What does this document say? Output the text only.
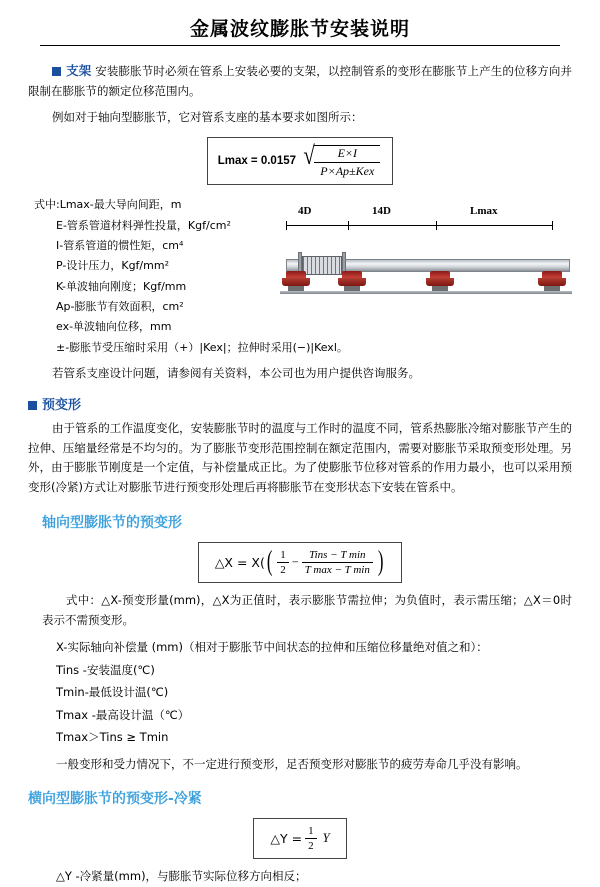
金属波纹膨胀节安装说明

支架 安装膨胀节时必须在管系上安装必要的支架，以控制管系的变形在膨胀节上产生的位移方向并限制在膨胀节的额定位移范围内。

例如对于轴向型膨胀节，它对管系支座的基本要求如图所示：

Lmax = 0.0157 √ $\frac{E\times I}{\text{P×Ap±Kex}}$
式中:Lmax-最大导向间距，m
E-管系管道材料弹性投量，Kgf/cm²
I-管系管道的惯性矩，cm⁴
P-设计压力，Kgf/mm²
K-单波轴向刚度；Kgf/mm
Ap-膨胀节有效面积，cm²
ex-单波轴向位移，mm
±-膨胀节受压缩时采用（+）|Kex|；拉伸时采用(−)|Kexl。
4D	14D	Lmax

若管系支座设计问题，请参阅有关资料，本公司也为用户提供咨询服务。

预变形

由于管系的工作温度变化，安装膨胀节时的温度与工作时的温度不同，管系热膨胀冷缩对膨胀节产生的拉伸、压缩量经常是不均匀的。为了膨胀节变形范围控制在额定范围内，需要对膨胀节采取预变形处理。另外，由于膨胀节刚度是一个定值，与补偿量成正比。为了使膨胀节位移对管系的作用力最小，也可以采用预变形(冷紧)方式让对膨胀节进行预变形处理后再将膨胀节在变形状态下安装在管系中。

轴向型膨胀节的预变形
△X = X( ( $\frac{1}{2} - \frac{\text{Tins − T min}}{\text{T max − T min}}$ )

式中：△X-预变形量(mm)，△X为正值时，表示膨胀节需拉伸；为负值时，表示需压缩；△X＝0时表示不需预变形。

X-实际轴向补偿量 (mm)（相对于膨胀节中间状态的拉伸和压缩位移量绝对值之和）：
Tins -安装温度(℃)
Tmin-最低设计温(℃)
Tmax -最高设计温（℃）
Tmax＞Tins ≥ Tmin

一般变形和受力情况下，不一定进行预变形，足否预变形对膨胀节的疲劳寿命几乎没有影响。

横向型膨胀节的预变形-冷紧
△Y = $\frac{1}{2}$ Y

△Y -冷紧量(mm)，与膨胀节实际位移方向相反；
